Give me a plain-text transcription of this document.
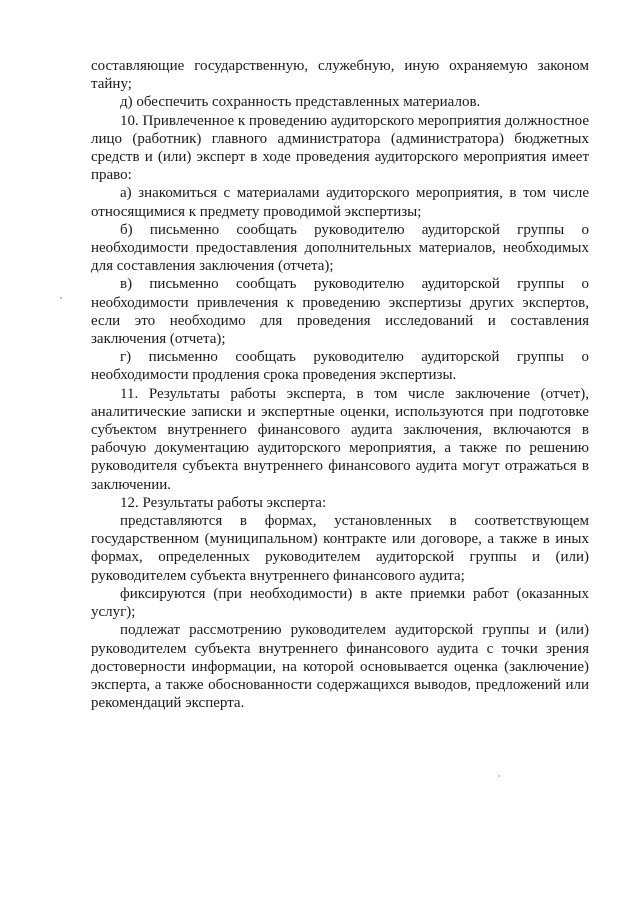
составляющие государственную, служебную, иную охраняемую законом тайну;

д) обеспечить сохранность представленных материалов.

10. Привлеченное к проведению аудиторского мероприятия должностное лицо (работник) главного администратора (администратора) бюджетных средств и (или) эксперт в ходе проведения аудиторского мероприятия имеет право:

а) знакомиться с материалами аудиторского мероприятия, в том числе относящимися к предмету проводимой экспертизы;

б) письменно сообщать руководителю аудиторской группы о необходимости предоставления дополнительных материалов, необходимых для составления заключения (отчета);

в) письменно сообщать руководителю аудиторской группы о необходимости привлечения к проведению экспертизы других экспертов, если это необходимо для проведения исследований и составления заключения (отчета);

г) письменно сообщать руководителю аудиторской группы о необходимости продления срока проведения экспертизы.

11. Результаты работы эксперта, в том числе заключение (отчет), аналитические записки и экспертные оценки, используются при подготовке субъектом внутреннего финансового аудита заключения, включаются в рабочую документацию аудиторского мероприятия, а также по решению руководителя субъекта внутреннего финансового аудита могут отражаться в заключении.

12. Результаты работы эксперта:

представляются в формах, установленных в соответствующем государственном (муниципальном) контракте или договоре, а также в иных формах, определенных руководителем аудиторской группы и (или) руководителем субъекта внутреннего финансового аудита;

фиксируются (при необходимости) в акте приемки работ (оказанных услуг);

подлежат рассмотрению руководителем аудиторской группы и (или) руководителем субъекта внутреннего финансового аудита с точки зрения достоверности информации, на которой основывается оценка (заключение) эксперта, а также обоснованности содержащихся выводов, предложений или рекомендаций эксперта.
